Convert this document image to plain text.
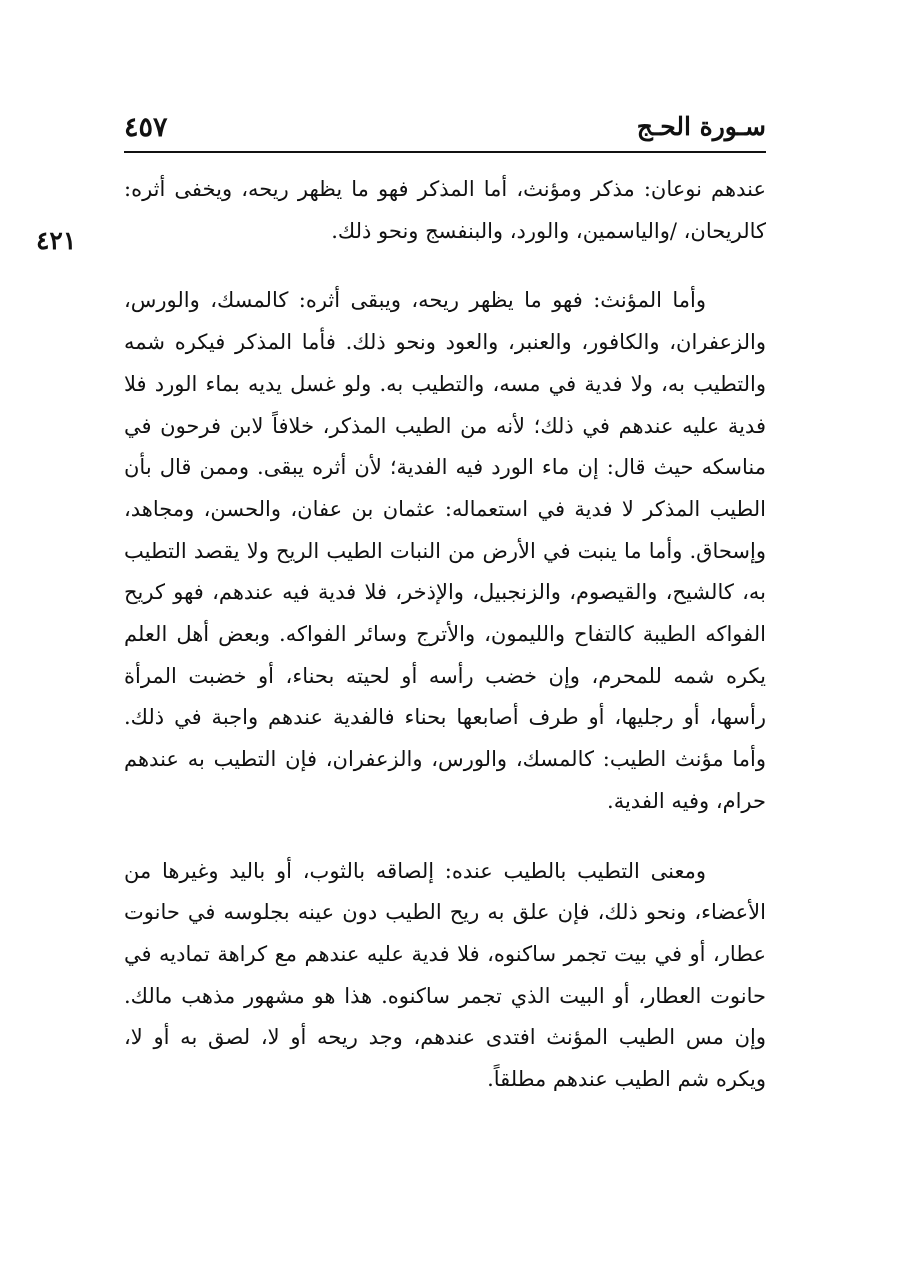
سـورة الحـج
٤٥٧
٤٢١

عندهم نوعان: مذكر ومؤنث، أما المذكر فهو ما يظهر ريحه، ويخفى أثره: كالريحان، /والياسمين، والورد، والبنفسج ونحو ذلك.

وأما المؤنث: فهو ما يظهر ريحه، ويبقى أثره: كالمسك، والورس، والزعفران، والكافور، والعنبر، والعود ونحو ذلك. فأما المذكر فيكره شمه والتطيب به، ولا فدية في مسه، والتطيب به. ولو غسل يديه بماء الورد فلا فدية عليه عندهم في ذلك؛ لأنه من الطيب المذكر، خلافاً لابن فرحون في مناسكه حيث قال: إن ماء الورد فيه الفدية؛ لأن أثره يبقى. وممن قال بأن الطيب المذكر لا فدية في استعماله: عثمان بن عفان، والحسن، ومجاهد، وإسحاق. وأما ما ينبت في الأرض من النبات الطيب الريح ولا يقصد التطيب به، كالشيح، والقيصوم، والزنجبيل، والإذخر، فلا فدية فيه عندهم، فهو كريح الفواكه الطيبة كالتفاح والليمون، والأترج وسائر الفواكه. وبعض أهل العلم يكره شمه للمحرم، وإن خضب رأسه أو لحيته بحناء، أو خضبت المرأة رأسها، أو رجليها، أو طرف أصابعها بحناء فالفدية عندهم واجبة في ذلك. وأما مؤنث الطيب: كالمسك، والورس، والزعفران، فإن التطيب به عندهم حرام، وفيه الفدية.

ومعنى التطيب بالطيب عنده: إلصاقه بالثوب، أو باليد وغيرها من الأعضاء، ونحو ذلك، فإن علق به ريح الطيب دون عينه بجلوسه في حانوت عطار، أو في بيت تجمر ساكنوه، فلا فدية عليه عندهم مع كراهة تماديه في حانوت العطار، أو البيت الذي تجمر ساكنوه. هذا هو مشهور مذهب مالك. وإن مس الطيب المؤنث افتدى عندهم، وجد ريحه أو لا، لصق به أو لا، ويكره شم الطيب عندهم مطلقاً.
